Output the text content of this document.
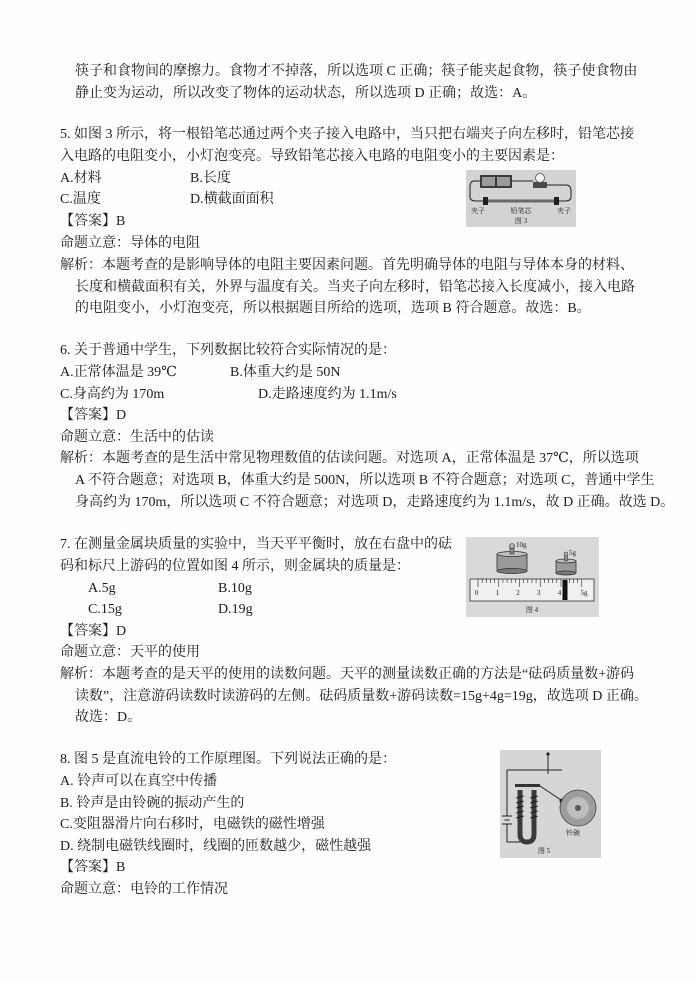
筷子和食物间的摩擦力。食物才不掉落，所以选项 C 正确；筷子能夹起食物，筷子使食物由
静止变为运动，所以改变了物体的运动状态，所以选项 D 正确；故选：A。
5. 如图 3 所示，将一根铅笔芯通过两个夹子接入电路中，当只把右端夹子向左移时，铅笔芯接
入电路的电阻变小，小灯泡变亮。导致铅笔芯接入电路的电阻变小的主要因素是：
A.材料	B.长度
C.温度	D.横截面面积
【答案】B
命题立意：导体的电阻
解析：本题考查的是影响导体的电阻主要因素问题。首先明确导体的电阻与导体本身的材料、
长度和横截面积有关，外界与温度有关。当夹子向左移时，铅笔芯接入长度减小，接入电路
的电阻变小，小灯泡变亮，所以根据题目所给的选项，选项 B 符合题意。故选：B。
夹子	铅笔芯	夹子
图 3
6. 关于普通中学生，下列数据比较符合实际情况的是：
A.正常体温是 39℃	B.体重大约是 50N
C.身高约为 170m	D.走路速度约为 1.1m/s
【答案】D
命题立意：生活中的估读
解析：本题考查的是生活中常见物理数值的估读问题。对选项 A，正常体温是 37℃，所以选项
A 不符合题意；对选项 B，体重大约是 500N，所以选项 B 不符合题意；对选项 C，普通中学生
身高约为 170m，所以选项 C 不符合题意；对选项 D，走路速度约为 1.1m/s，故 D 正确。故选 D。
7. 在测量金属块质量的实验中，当天平平衡时，放在右盘中的砝
码和标尺上游码的位置如图 4 所示，则金属块的质量是：
A.5g	B.10g
C.15g	D.19g
【答案】D
命题立意：天平的使用
解析：本题考查的是天平的使用的读数问题。天平的测量读数正确的方法是“砝码质量数+游码
读数”，注意游码读数时读游码的左侧。砝码质量数+游码读数=15g+4g=19g，故选项 D 正确。
故选：D。
10g
5g
0 1 2 3 4	5g
图 4
8. 图 5 是直流电铃的工作原理图。下列说法正确的是：
A. 铃声可以在真空中传播
B. 铃声是由铃碗的振动产生的
C.变阻器滑片向右移时，电磁铁的磁性增强
D. 绕制电磁铁线圈时，线圈的匝数越少，磁性越强
【答案】B
命题立意：电铃的工作情况
铃碗
图 5
